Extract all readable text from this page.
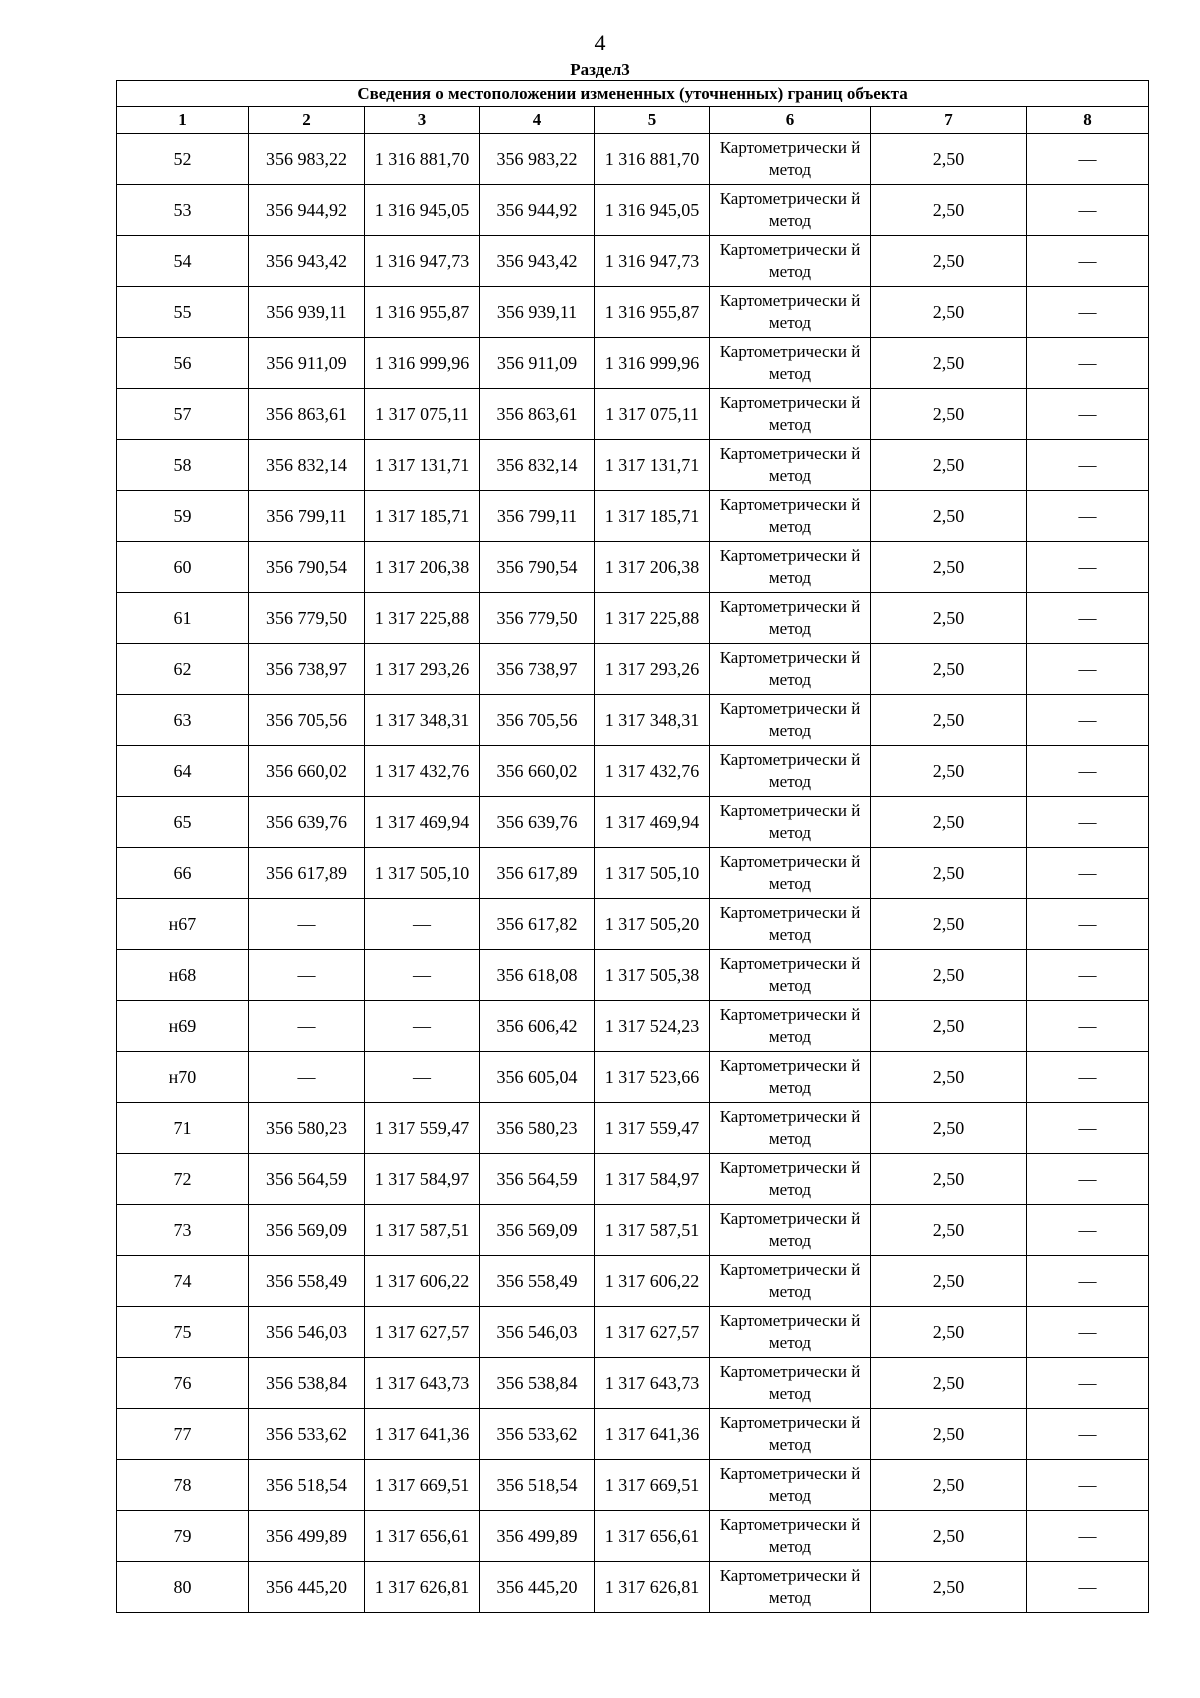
4
Раздел3
Сведения о местоположении измененных (уточненных) границ объекта							
1	2	3	4	5	6	7	8
52	356 983,22	1 316 881,70	356 983,22	1 316 881,70	Картометрически й метод	2,50	—
53	356 944,92	1 316 945,05	356 944,92	1 316 945,05	Картометрически й метод	2,50	—
54	356 943,42	1 316 947,73	356 943,42	1 316 947,73	Картометрически й метод	2,50	—
55	356 939,11	1 316 955,87	356 939,11	1 316 955,87	Картометрически й метод	2,50	—
56	356 911,09	1 316 999,96	356 911,09	1 316 999,96	Картометрически й метод	2,50	—
57	356 863,61	1 317 075,11	356 863,61	1 317 075,11	Картометрически й метод	2,50	—
58	356 832,14	1 317 131,71	356 832,14	1 317 131,71	Картометрически й метод	2,50	—
59	356 799,11	1 317 185,71	356 799,11	1 317 185,71	Картометрически й метод	2,50	—
60	356 790,54	1 317 206,38	356 790,54	1 317 206,38	Картометрически й метод	2,50	—
61	356 779,50	1 317 225,88	356 779,50	1 317 225,88	Картометрически й метод	2,50	—
62	356 738,97	1 317 293,26	356 738,97	1 317 293,26	Картометрически й метод	2,50	—
63	356 705,56	1 317 348,31	356 705,56	1 317 348,31	Картометрически й метод	2,50	—
64	356 660,02	1 317 432,76	356 660,02	1 317 432,76	Картометрически й метод	2,50	—
65	356 639,76	1 317 469,94	356 639,76	1 317 469,94	Картометрически й метод	2,50	—
66	356 617,89	1 317 505,10	356 617,89	1 317 505,10	Картометрически й метод	2,50	—
н67	—	—	356 617,82	1 317 505,20	Картометрически й метод	2,50	—
н68	—	—	356 618,08	1 317 505,38	Картометрически й метод	2,50	—
н69	—	—	356 606,42	1 317 524,23	Картометрически й метод	2,50	—
н70	—	—	356 605,04	1 317 523,66	Картометрически й метод	2,50	—
71	356 580,23	1 317 559,47	356 580,23	1 317 559,47	Картометрически й метод	2,50	—
72	356 564,59	1 317 584,97	356 564,59	1 317 584,97	Картометрически й метод	2,50	—
73	356 569,09	1 317 587,51	356 569,09	1 317 587,51	Картометрически й метод	2,50	—
74	356 558,49	1 317 606,22	356 558,49	1 317 606,22	Картометрически й метод	2,50	—
75	356 546,03	1 317 627,57	356 546,03	1 317 627,57	Картометрически й метод	2,50	—
76	356 538,84	1 317 643,73	356 538,84	1 317 643,73	Картометрически й метод	2,50	—
77	356 533,62	1 317 641,36	356 533,62	1 317 641,36	Картометрически й метод	2,50	—
78	356 518,54	1 317 669,51	356 518,54	1 317 669,51	Картометрически й метод	2,50	—
79	356 499,89	1 317 656,61	356 499,89	1 317 656,61	Картометрически й метод	2,50	—
80	356 445,20	1 317 626,81	356 445,20	1 317 626,81	Картометрически й метод	2,50	—
